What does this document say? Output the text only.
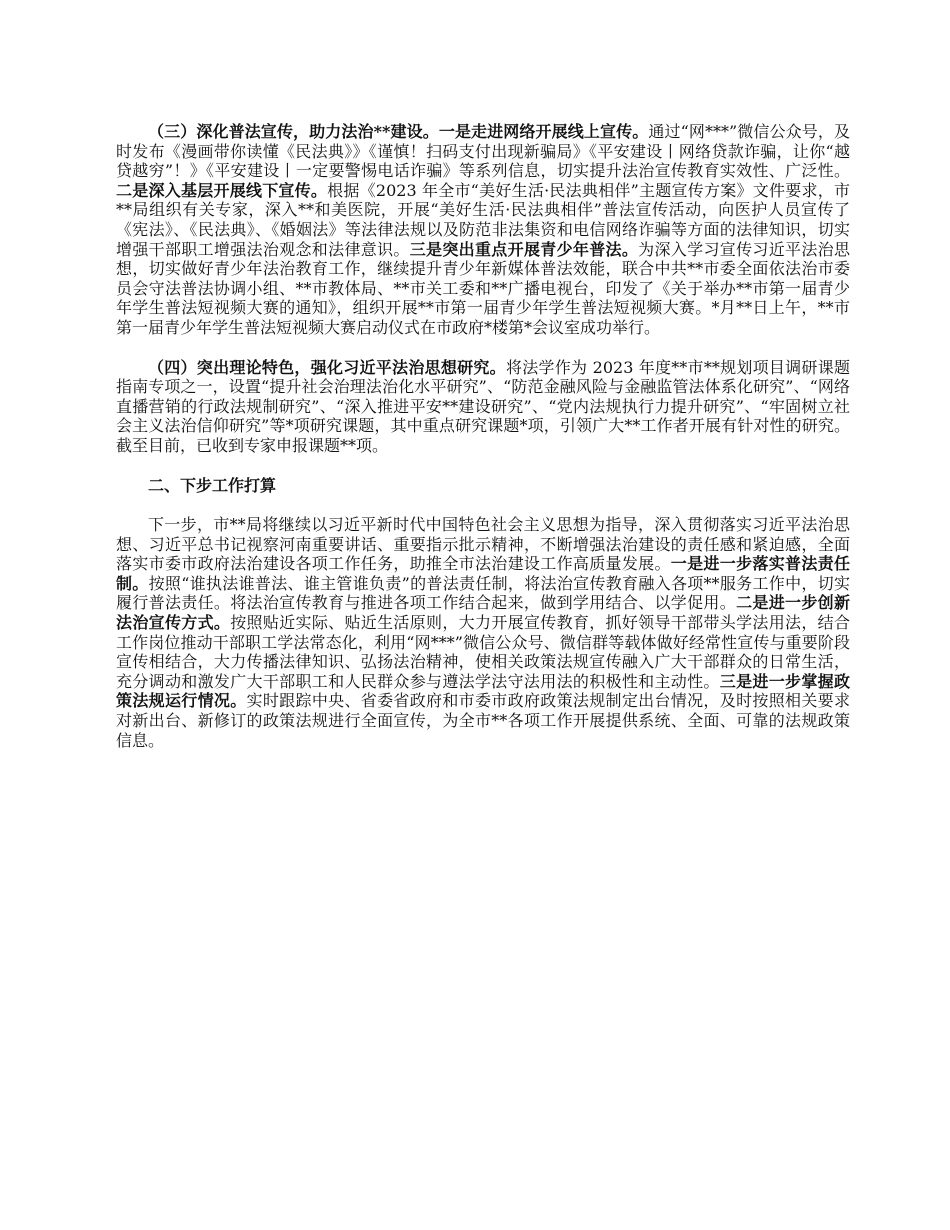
（三）深化普法宣传，助力法治**建设。一是走进网络开展线上宣传。通过“网***”微信公众号，及时发布《漫画带你读懂《民法典》》《谨慎！扫码支付出现新骗局》《平安建设丨网络贷款诈骗，让你“越贷越穷”！》《平安建设丨一定要警惕电话诈骗》等系列信息，切实提升法治宣传教育实效性、广泛性。二是深入基层开展线下宣传。根据《2023 年全市“美好生活·民法典相伴”主题宣传方案》文件要求，市**局组织有关专家，深入**和美医院，开展“美好生活·民法典相伴”普法宣传活动，向医护人员宣传了《宪法》、《民法典》、《婚姻法》等法律法规以及防范非法集资和电信网络诈骗等方面的法律知识，切实增强干部职工增强法治观念和法律意识。三是突出重点开展青少年普法。为深入学习宣传习近平法治思想，切实做好青少年法治教育工作，继续提升青少年新媒体普法效能，联合中共**市委全面依法治市委员会守法普法协调小组、**市教体局、**市关工委和**广播电视台，印发了《关于举办**市第一届青少年学生普法短视频大赛的通知》，组织开展**市第一届青少年学生普法短视频大赛。*月**日上午，**市第一届青少年学生普法短视频大赛启动仪式在市政府*楼第*会议室成功举行。

（四）突出理论特色，强化习近平法治思想研究。将法学作为 2023 年度**市**规划项目调研课题指南专项之一，设置“提升社会治理法治化水平研究”、“防范金融风险与金融监管法体系化研究”、“网络直播营销的行政法规制研究”、“深入推进平安**建设研究”、“党内法规执行力提升研究”、“牢固树立社会主义法治信仰研究”等*项研究课题，其中重点研究课题*项，引领广大**工作者开展有针对性的研究。截至目前，已收到专家申报课题**项。

二、下步工作打算

下一步，市**局将继续以习近平新时代中国特色社会主义思想为指导，深入贯彻落实习近平法治思想、习近平总书记视察河南重要讲话、重要指示批示精神，不断增强法治建设的责任感和紧迫感，全面落实市委市政府法治建设各项工作任务，助推全市法治建设工作高质量发展。一是进一步落实普法责任制。按照“谁执法谁普法、谁主管谁负责”的普法责任制，将法治宣传教育融入各项**服务工作中，切实履行普法责任。将法治宣传教育与推进各项工作结合起来，做到学用结合、以学促用。二是进一步创新法治宣传方式。按照贴近实际、贴近生活原则，大力开展宣传教育，抓好领导干部带头学法用法，结合工作岗位推动干部职工学法常态化，利用“网***”微信公众号、微信群等载体做好经常性宣传与重要阶段宣传相结合，大力传播法律知识、弘扬法治精神，使相关政策法规宣传融入广大干部群众的日常生活，充分调动和激发广大干部职工和人民群众参与遵法学法守法用法的积极性和主动性。三是进一步掌握政策法规运行情况。实时跟踪中央、省委省政府和市委市政府政策法规制定出台情况，及时按照相关要求对新出台、新修订的政策法规进行全面宣传，为全市**各项工作开展提供系统、全面、可靠的法规政策信息。
